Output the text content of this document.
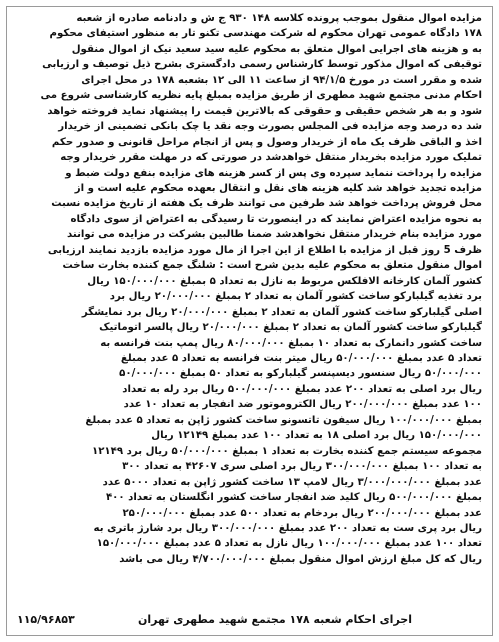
مزایده اموال منقول بموجب پرونده کلاسه ۱۴۸ ۹۳۰ ج ش و دادنامه صادره از شعبه
۱۷۸ دادگاه عمومی تهران محکوم له شرکت مهندسی تکنو تار به منظور استیفای محکوم
به و هزینه های اجرایی اموال متعلق به محکوم علیه سید سعید نیک از اموال منقول
توقیفی که اموال مذکور توسط کارشناس رسمی دادگستری بشرح ذیل توصیف و ارزیابی
شده و مقرر است در مورخ ۹۴/۱/۵ از ساعت ۱۱ الی ۱۲ بشعبه ۱۷۸ در محل اجرای
احکام مدنی مجتمع شهید مطهری از طریق مزایده بمبلغ پایه نظریه کارشناسی شروع می
شود و به هر شخص حقیقی و حقوقی که بالاترین قیمت را پیشنهاد نماید فروخته خواهد
شد ده درصد وجه مزایده فی المجلس بصورت وجه نقد یا چک بانکی تضمینی از خریدار
اخذ و الباقی ظرف یک ماه از خریدار وصول و پس از انجام مراحل قانونی و صدور حکم
تملیک مورد مزایده بخریدار منتقل خواهدشد در صورتی که در مهلت مقرر خریدار وجه
مزایده را پرداخت ننماید سپرده وی پس از کسر هزینه های مزایده بنفع دولت ضبط و
مزایده تجدید خواهد شد کلیه هزینه های نقل و انتقال بعهده محکوم علیه است و از
محل فروش پرداخت خواهد شد طرفین می توانند ظرف یک هفته از تاریخ مزایده نسبت
به نحوه مزایده اعتراض نمایند که در اینصورت تا رسیدگی به اعتراض از سوی دادگاه
مورد مزایده بنام خریدار منتقل نخواهدشد ضمنا طالبین بشرکت در مزایده می توانند
ظرف 5 روز قبل از مزایده با اطلاع از این اجرا از مال مورد مزایده بازدید نمایند ارزیابی
اموال منقول متعلق به محکوم علیه بدین شرح است : شلنگ جمع کننده بخارت ساخت
کشور آلمان کارخانه الافلکس مربوط به نازل به تعداد ۵ بمبلغ ۱۵۰/۰۰۰/۰۰۰ ریال
برد تغذیه گیلبارکو ساخت کشور آلمان به تعداد ۲ بمبلغ ۲۰/۰۰۰/۰۰۰ ریال برد
اصلی گیلبارکو ساخت کشور آلمان به تعداد ۲ بمبلغ ۲۰/۰۰۰/۰۰۰ ریال برد نمایشگر
گیلبارکو ساخت کشور آلمان به تعداد ۲ بمبلغ ۲۰/۰۰۰/۰۰۰ ریال پالسر اتوماتیک
ساخت کشور دانمارک به تعداد ۱۰ بمبلغ ۸۰/۰۰۰/۰۰۰ ریال پمپ بنت فرانسه به
تعداد ۵ عدد بمبلغ ۵۰/۰۰۰/۰۰۰ ریال میتر بنت فرانسه به تعداد ۵ عدد بمبلغ
۵۰/۰۰۰/۰۰۰ ریال سنسور دیسپنسر گیلبارکو به تعداد ۵۰ بمبلغ ۵۰/۰۰۰/۰۰۰
ریال برد اصلی به تعداد ۲۰۰ عدد بمبلغ ۵۰۰/۰۰۰/۰۰۰ ریال برد رله به تعداد
۱۰۰ عدد بمبلغ ۲۰۰/۰۰۰/۰۰۰ ریال الکتروموتور ضد انفجار به تعداد ۱۰ عدد
بمبلغ ۱۰۰/۰۰۰/۰۰۰ ریال سیفون تاتسونو ساخت کشور ژاپن به تعداد ۵ عدد بمبلغ
۱۵۰/۰۰۰/۰۰۰ ریال برد اصلی ۱۸ به تعداد ۱۰۰ عدد بمبلغ ۱۲۱۴۹ ریال
مجموعه سیستم جمع کننده بخارت به تعداد ۱ بمبلغ ۵۰/۰۰۰/۰۰۰ ریال برد ۱۲۱۴۹
به تعداد ۱۰۰ بمبلغ ۳۰۰/۰۰۰/۰۰۰ ریال برد اصلی سری ۴۲۶۰۷ به تعداد ۳۰۰
عدد بمبلغ ۳/۰۰۰/۰۰۰/۰۰۰ ریال لامپ ۱۳ ساخت کشور ژاپن به تعداد ۵۰۰۰ عدد
بمبلغ ۵۰۰/۰۰۰/۰۰۰ ریال کلید ضد انفجار ساخت کشور انگلستان به تعداد ۴۰۰
عدد بمبلغ ۲۰۰/۰۰۰/۰۰۰ ریال بردخام به تعداد ۵۰۰ عدد بمبلغ ۲۵۰/۰۰۰/۰۰۰
ریال برد پری ست به تعداد ۲۰۰ عدد بمبلغ ۳۰۰/۰۰۰/۰۰۰ ریال برد شارژ باتری به
تعداد ۱۰۰ عدد بمبلغ ۱۰۰/۰۰۰/۰۰۰ ریال نازل به تعداد ۵ عدد بمبلغ ۱۵۰/۰۰۰/۰۰۰
ریال که کل مبلغ ارزش اموال منقول بمبلغ ۴/۷۰۰/۰۰۰/۰۰۰ ریال می باشد
اجرای احکام شعبه ۱۷۸ مجتمع شهید مطهری تهران
۱۱۵/۹۶۸۵۳
